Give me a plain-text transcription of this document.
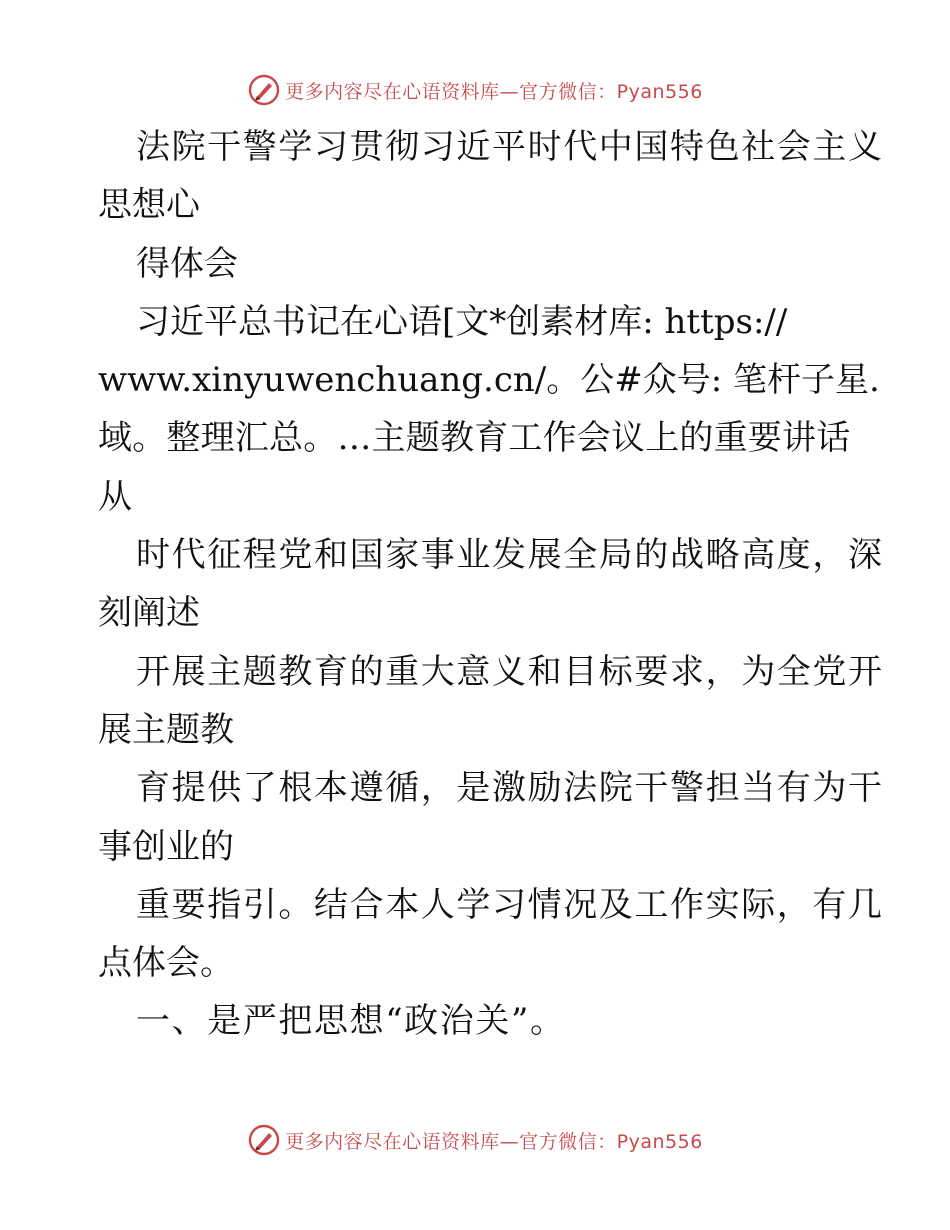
更多内容尽在心语资料库—官方微信：Pyan556
法院干警学习贯彻习近平时代中国特色社会主义
思想心
得体会
习近平总书记在心语[文*创素材库: https://
www.xinyuwenchuang.cn/。公#众号: 笔杆子星.
域。整理汇总。…主题教育工作会议上的重要讲话
从
时代征程党和国家事业发展全局的战略高度，深
刻阐述
开展主题教育的重大意义和目标要求，为全党开
展主题教
育提供了根本遵循，是激励法院干警担当有为干
事创业的
重要指引。结合本人学习情况及工作实际，有几
点体会。
一、是严把思想“政治关”。
更多内容尽在心语资料库—官方微信：Pyan556
